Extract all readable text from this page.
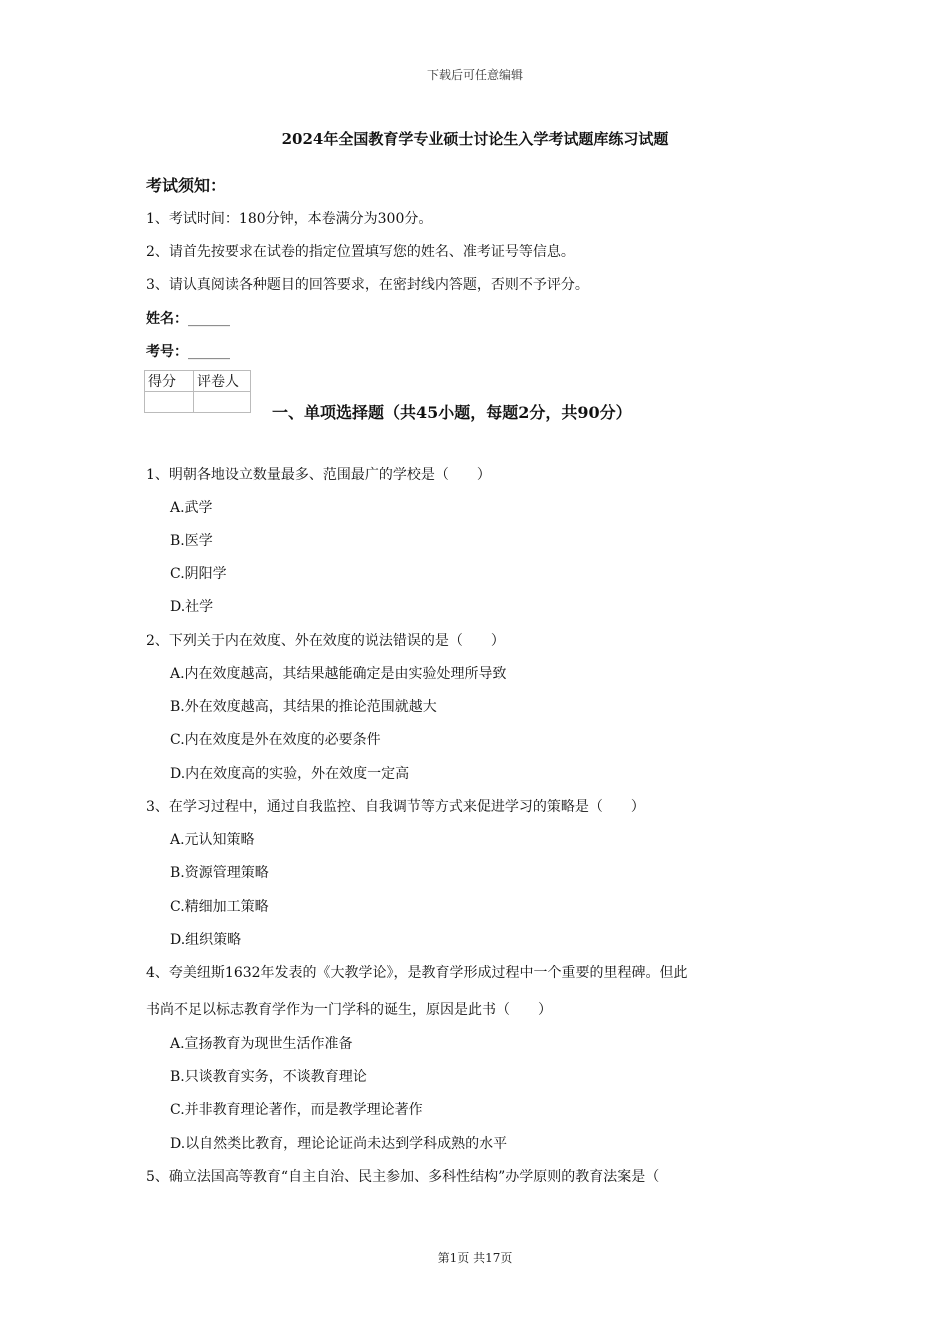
下载后可任意编辑
2024年全国教育学专业硕士讨论生入学考试题库练习试题
考试须知：
1、考试时间：180分钟，本卷满分为300分。
2、请首先按要求在试卷的指定位置填写您的姓名、准考证号等信息。
3、请认真阅读各种题目的回答要求，在密封线内答题，否则不予评分。
姓名：______
考号：______
得分	评卷人

一、单项选择题（共45小题，每题2分，共90分）
1、明朝各地设立数量最多、范围最广的学校是（　　）
A.武学
B.医学
C.阴阳学
D.社学
2、下列关于内在效度、外在效度的说法错误的是（　　）
A.内在效度越高，其结果越能确定是由实验处理所导致
B.外在效度越高，其结果的推论范围就越大
C.内在效度是外在效度的必要条件
D.内在效度高的实验，外在效度一定高
3、在学习过程中，通过自我监控、自我调节等方式来促进学习的策略是（　　）
A.元认知策略
B.资源管理策略
C.精细加工策略
D.组织策略
4、夸美纽斯1632年发表的《大教学论》，是教育学形成过程中一个重要的里程碑。但此
书尚不足以标志教育学作为一门学科的诞生，原因是此书（　　）
A.宣扬教育为现世生活作准备
B.只谈教育实务，不谈教育理论
C.并非教育理论著作，而是教学理论著作
D.以自然类比教育，理论论证尚未达到学科成熟的水平
5、确立法国高等教育“自主自治、民主参加、多科性结构”办学原则的教育法案是（
第1页 共17页
